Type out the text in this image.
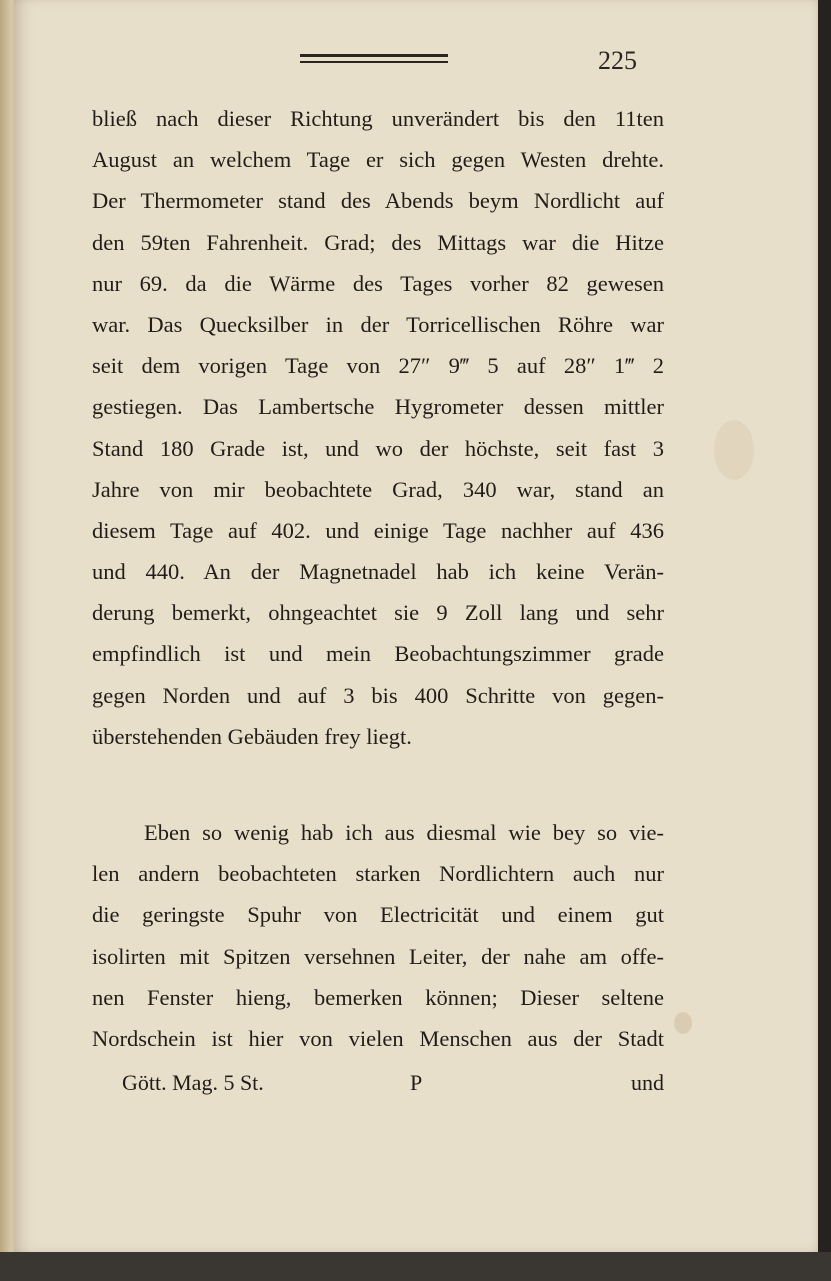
225
bließ nach dieser Richtung unverändert bis den 11ten
August an welchem Tage er sich gegen Westen drehte.
Der Thermometer stand des Abends beym Nordlicht auf
den 59ten Fahrenheit. Grad; des Mittags war die Hitze
nur 69. da die Wärme des Tages vorher 82 gewesen
war. Das Quecksilber in der Torricellischen Röhre war
seit dem vorigen Tage von 27″ 9‴ 5 auf 28″ 1‴ 2
gestiegen. Das Lambertsche Hygrometer dessen mittler
Stand 180 Grade ist, und wo der höchste, seit fast 3
Jahre von mir beobachtete Grad, 340 war, stand an
diesem Tage auf 402. und einige Tage nachher auf 436
und 440. An der Magnetnadel hab ich keine Verän-
derung bemerkt, ohngeachtet sie 9 Zoll lang und sehr
empfindlich ist und mein Beobachtungszimmer grade
gegen Norden und auf 3 bis 400 Schritte von gegen-
überstehenden Gebäuden frey liegt.
Eben so wenig hab ich aus diesmal wie bey so vie-
len andern beobachteten starken Nordlichtern auch nur
die geringste Spuhr von Electricität und einem gut
isolirten mit Spitzen versehnen Leiter, der nahe am offe-
nen Fenster hieng, bemerken können; Dieser seltene
Nordschein ist hier von vielen Menschen aus der Stadt
Gött. Mag. 5 St.	P	und
